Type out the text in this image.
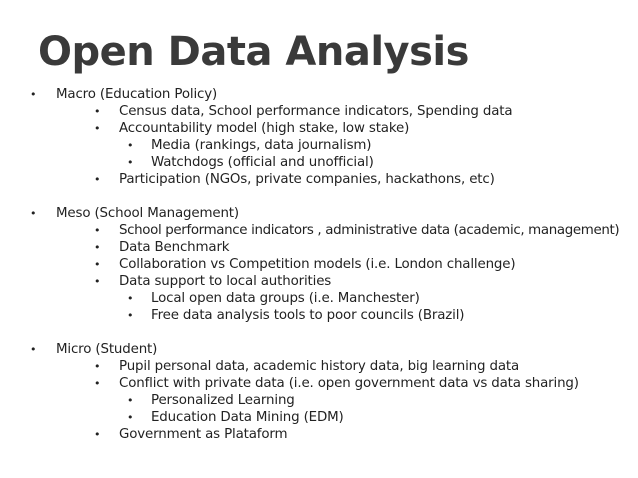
Open Data Analysis
• Macro (Education Policy)
• Census data, School performance indicators, Spending data
• Accountability model (high stake, low stake)
• Media (rankings, data journalism)
• Watchdogs (official and unofficial)
• Participation (NGOs, private companies, hackathons, etc)
• Meso (School Management)
• School performance indicators , administrative data (academic, management)
• Data Benchmark
• Collaboration vs Competition models (i.e. London challenge)
• Data support to local authorities
• Local open data groups (i.e. Manchester)
• Free data analysis tools to poor councils (Brazil)
• Micro (Student)
• Pupil personal data, academic history data, big learning data
• Conflict with private data (i.e. open government data vs data sharing)
• Personalized Learning
• Education Data Mining (EDM)
• Government as Plataform
